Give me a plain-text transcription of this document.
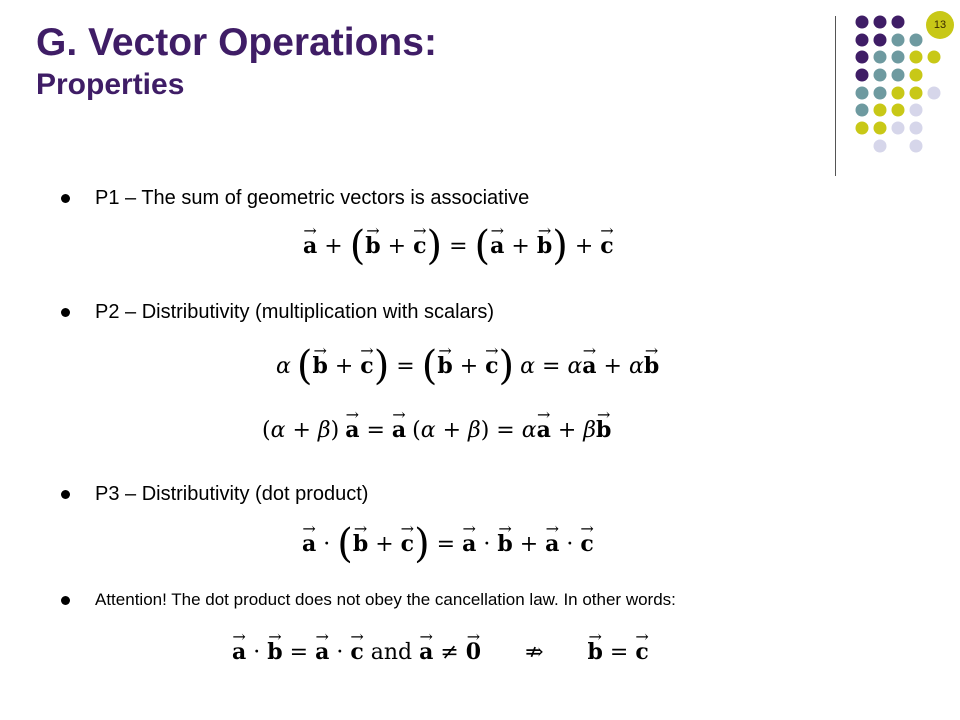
G. Vector Operations:
Properties
13
P1 – The sum of geometric vectors is associative
→ a + (→ b + → c) = (→ a + → b) + → c
P2 – Distributivity (multiplication with scalars)
α (→ b + → c) = (→ b + → c) α = α→ a + α→ b
(α + β) → a = → a (α + β) = α→ a + β→ b
P3 – Distributivity (dot product)
→ a · (→ b + → c) = → a · → b + → a · → c
Attention! The dot product does not obey the cancellation law. In other words:
→ a · → b = → a · → c and → a ≠ → 0 ⇏ → b = → c
